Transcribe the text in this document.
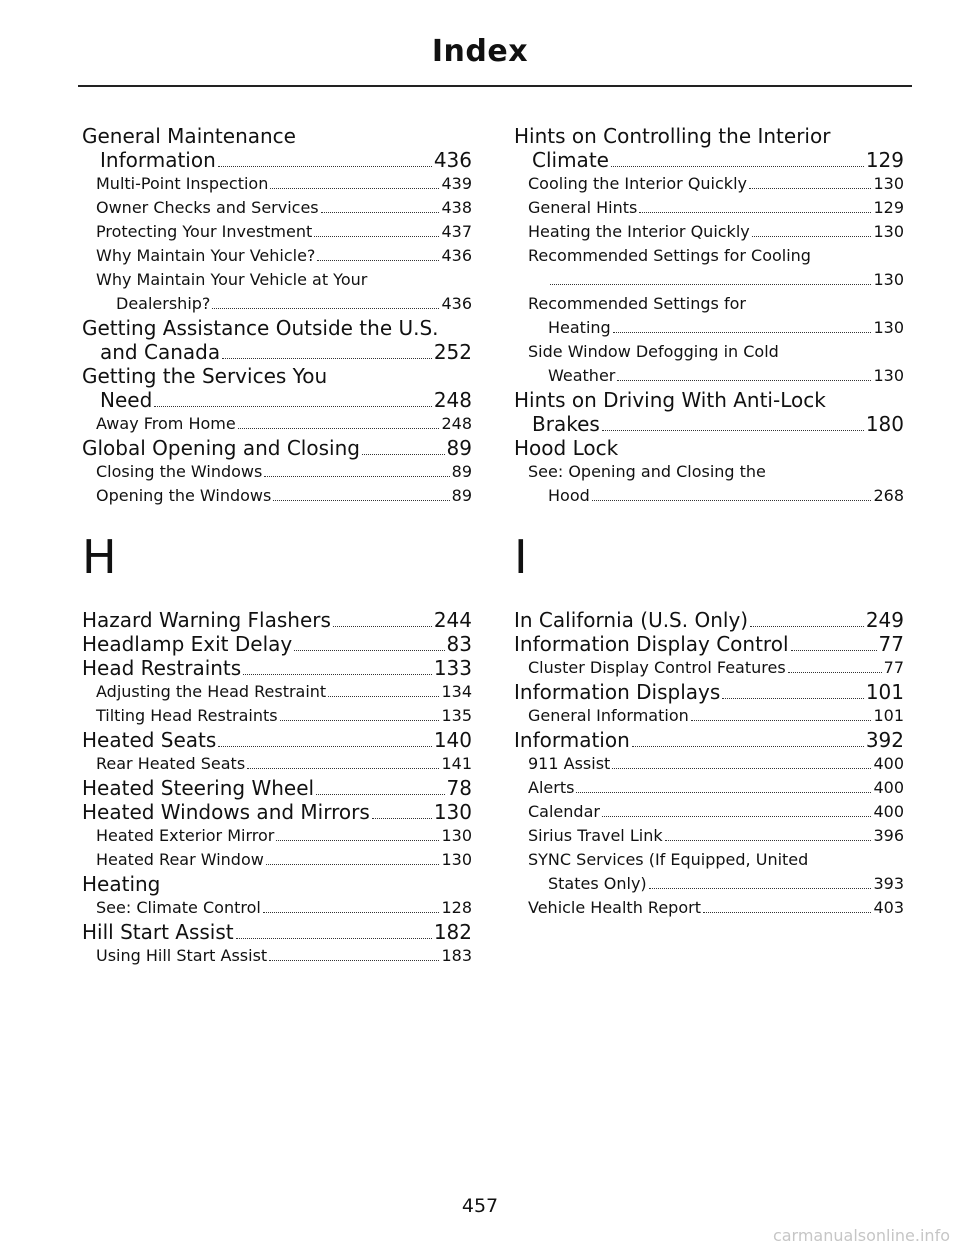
Index
General Maintenance
Information	436
Multi-Point Inspection	439
Owner Checks and Services	438
Protecting Your Investment	437
Why Maintain Your Vehicle?	436
Why Maintain Your Vehicle at Your
Dealership?	436
Getting Assistance Outside the U.S.
and Canada	252
Getting the Services You
Need	248
Away From Home	248
Global Opening and Closing	89
Closing the Windows	89
Opening the Windows	89
H
Hazard Warning Flashers	244
Headlamp Exit Delay	83
Head Restraints	133
Adjusting the Head Restraint	134
Tilting Head Restraints	135
Heated Seats	140
Rear Heated Seats	141
Heated Steering Wheel	78
Heated Windows and Mirrors	130
Heated Exterior Mirror	130
Heated Rear Window	130
Heating
See: Climate Control	128
Hill Start Assist	182
Using Hill Start Assist	183
Hints on Controlling the Interior
Climate	129
Cooling the Interior Quickly	130
General Hints	129
Heating the Interior Quickly	130
Recommended Settings for Cooling
130
Recommended Settings for
Heating	130
Side Window Defogging in Cold
Weather	130
Hints on Driving With Anti-Lock
Brakes	180
Hood Lock
See: Opening and Closing the
Hood	268
I
In California (U.S. Only)	249
Information Display Control	77
Cluster Display Control Features	77
Information Displays	101
General Information	101
Information	392
911 Assist	400
Alerts	400
Calendar	400
Sirius Travel Link	396
SYNC Services (If Equipped, United
States Only)	393
Vehicle Health Report	403
457
carmanualsonline.info
